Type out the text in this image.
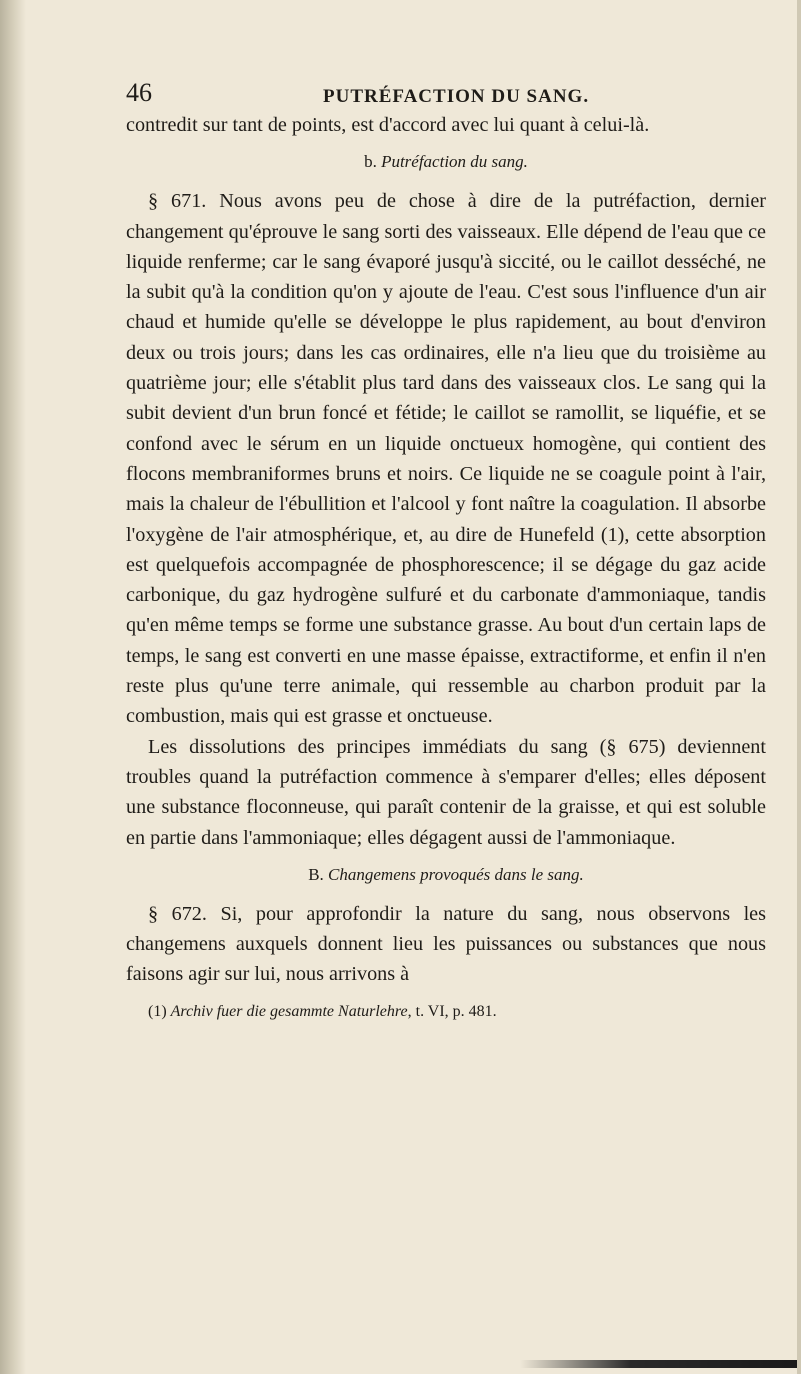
46	PUTRÉFACTION DU SANG.

contredit sur tant de points, est d'accord avec lui quant à celui-là.

b. Putréfaction du sang.

§ 671. Nous avons peu de chose à dire de la putréfaction, dernier changement qu'éprouve le sang sorti des vaisseaux. Elle dépend de l'eau que ce liquide renferme; car le sang évaporé jusqu'à siccité, ou le caillot desséché, ne la subit qu'à la condition qu'on y ajoute de l'eau. C'est sous l'influence d'un air chaud et humide qu'elle se développe le plus rapidement, au bout d'environ deux ou trois jours; dans les cas ordinaires, elle n'a lieu que du troisième au quatrième jour; elle s'établit plus tard dans des vaisseaux clos. Le sang qui la subit devient d'un brun foncé et fétide; le caillot se ramollit, se liquéfie, et se confond avec le sérum en un liquide onctueux homogène, qui contient des flocons membraniformes bruns et noirs. Ce liquide ne se coagule point à l'air, mais la chaleur de l'ébullition et l'alcool y font naître la coagulation. Il absorbe l'oxygène de l'air atmosphérique, et, au dire de Hunefeld (1), cette absorption est quelquefois accompagnée de phosphorescence; il se dégage du gaz acide carbonique, du gaz hydrogène sulfuré et du carbonate d'ammoniaque, tandis qu'en même temps se forme une substance grasse. Au bout d'un certain laps de temps, le sang est converti en une masse épaisse, extractiforme, et enfin il n'en reste plus qu'une terre animale, qui ressemble au charbon produit par la combustion, mais qui est grasse et onctueuse.

Les dissolutions des principes immédiats du sang (§ 675) deviennent troubles quand la putréfaction commence à s'emparer d'elles; elles déposent une substance floconneuse, qui paraît contenir de la graisse, et qui est soluble en partie dans l'ammoniaque; elles dégagent aussi de l'ammoniaque.

B. Changemens provoqués dans le sang.

§ 672. Si, pour approfondir la nature du sang, nous observons les changemens auxquels donnent lieu les puissances ou substances que nous faisons agir sur lui, nous arrivons à

(1) Archiv fuer die gesammte Naturlehre, t. VI, p. 481.
